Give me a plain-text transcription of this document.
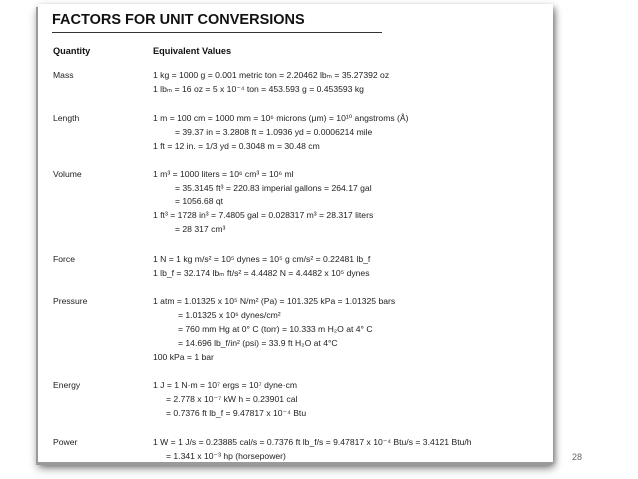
FACTORS FOR UNIT CONVERSIONS
Quantity	Equivalent Values
Mass	1 kg = 1000 g = 0.001 metric ton = 2.20462 lbₘ = 35.27392 oz
1 lbₘ = 16 oz = 5 x 10⁻⁴ ton = 453.593 g = 0.453593 kg
Length	1 m = 100 cm = 1000 mm = 10⁶ microns (μm) = 10¹⁰ angstroms (Å)
= 39.37 in = 3.2808 ft = 1.0936 yd = 0.0006214 mile
1 ft = 12 in. = 1/3 yd = 0.3048 m = 30.48 cm
Volume	1 m³ = 1000 liters = 10⁶ cm³ = 10⁶ ml
= 35.3145 ft³ = 220.83 imperial gallons = 264.17 gal
= 1056.68 qt
1 ft³ = 1728 in³ = 7.4805 gal = 0.028317 m³ = 28.317 liters
= 28 317 cm³
Force	1 N = 1 kg m/s² = 10⁵ dynes = 10⁵ g cm/s² = 0.22481 lb_f
1 lb_f = 32.174 lbₘ ft/s² = 4.4482 N = 4.4482 x 10⁵ dynes
Pressure	1 atm = 1.01325 x 10⁵ N/m² (Pa) = 101.325 kPa = 1.01325 bars
= 1.01325 x 10⁶ dynes/cm²
= 760 mm Hg at 0° C (torr) = 10.333 m H₂O at 4° C
= 14.696 lb_f/in² (psi) = 33.9 ft H₂O at 4°C
100 kPa = 1 bar
Energy	1 J = 1 N·m = 10⁷ ergs = 10⁷ dyne·cm
= 2.778 x 10⁻⁷ kW h = 0.23901 cal
= 0.7376 ft lb_f = 9.47817 x 10⁻⁴ Btu
Power	1 W = 1 J/s = 0.23885 cal/s = 0.7376 ft lb_f/s = 9.47817 x 10⁻⁴ Btu/s = 3.4121 Btu/h
= 1.341 x 10⁻³ hp (horsepower)	28
